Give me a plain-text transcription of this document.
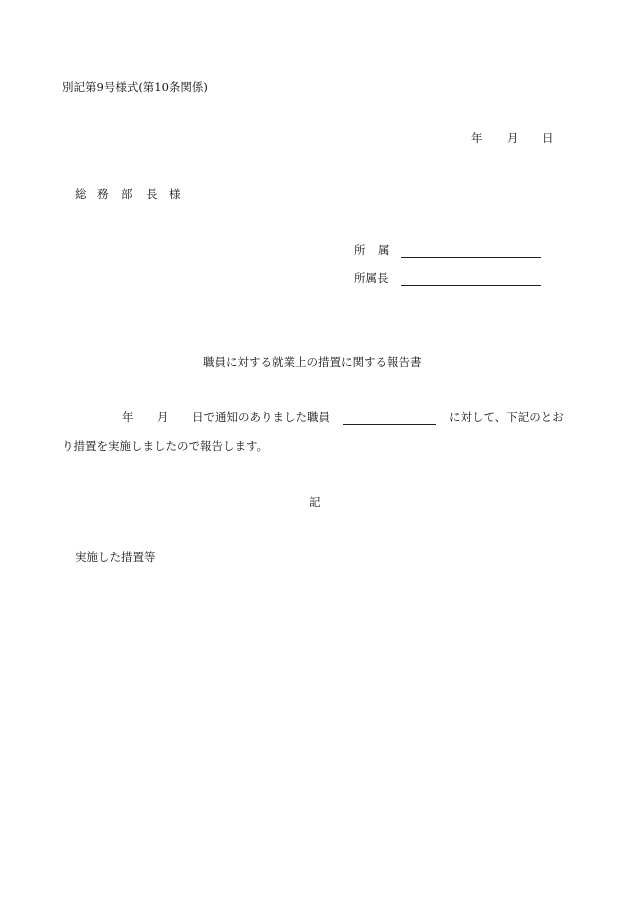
別記第9号様式(第10条関係)
年 月 日
総 務 部 長 様
所 属
所属長
職員に対する就業上の措置に関する報告書
年 月 日で通知のありました職員	に対して、下記のとお
り措置を実施しましたので報告します。
記
実施した措置等
